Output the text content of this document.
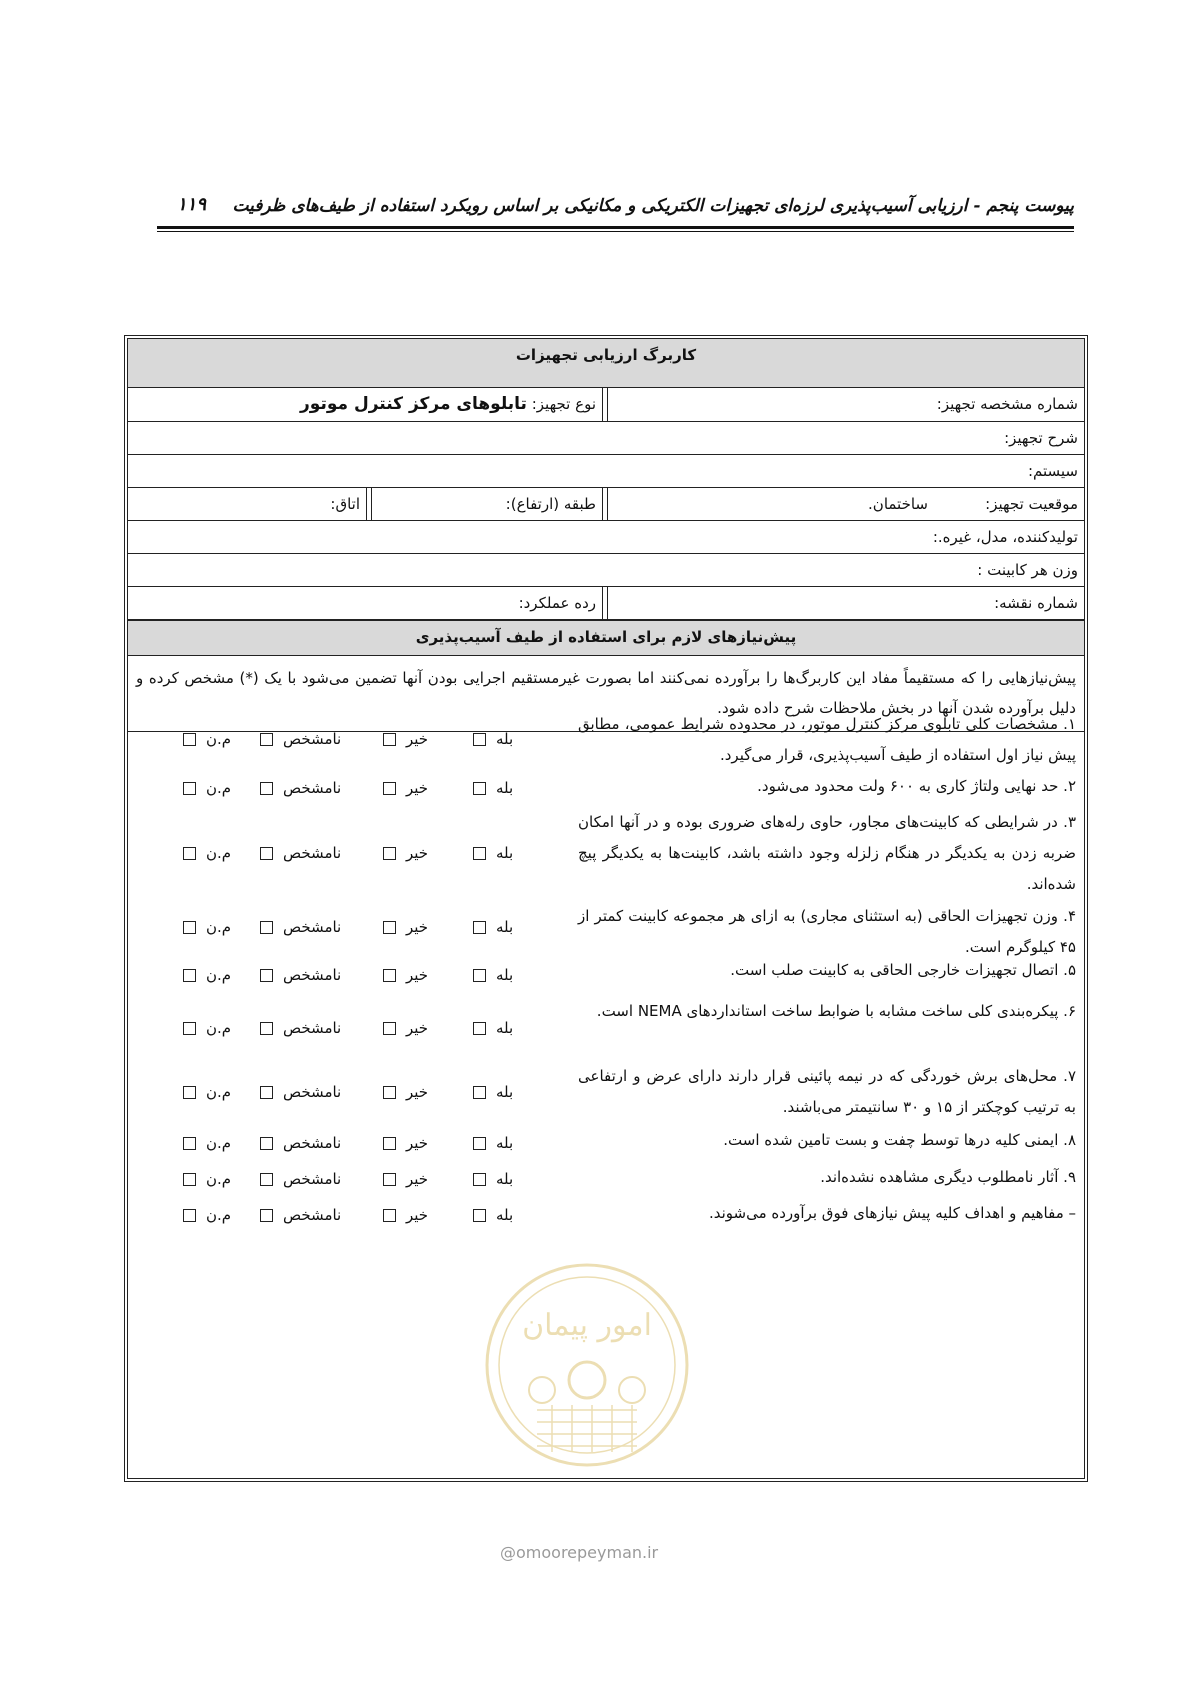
پیوست پنجم - ارزیابی آسیب‌پذیری لرزه‌ای تجهیزات الکتریکی و مکانیکی بر اساس رویکرد استفاده از طیف‌های ظرفیت
۱۱۹
کاربرگ ارزیابی تجهیزات
شماره مشخصه تجهیز:
نوع تجهیز: تابلوهای مرکز کنترل موتور
شرح تجهیز:
سیستم:
موقعیت تجهیز:
ساختمان.
طبقه (ارتفاع):
اتاق:
تولیدکننده، مدل، غیره.:
وزن هر کابینت :
شماره نقشه:
رده عملکرد:
پیش‌نیازهای لازم برای استفاده از طیف آسیب‌پذیری
پیش‌نیازهایی را که مستقیماً مفاد این کاربرگ‌ها را برآورده نمی‌کنند اما بصورت غیرمستقیم اجرایی بودن آنها تضمین می‌شود با یک (*) مشخص کرده و دلیل برآورده شدن آنها در بخش ملاحظات شرح داده شود.
۱. مشخصات کلی تابلوی مرکز کنترل موتور، در محدوده شرایط عمومی، مطابق پیش نیاز اول استفاده از طیف آسیب‌پذیری، قرار می‌گیرد.
بله
خیر
نامشخص
م.ن
۲. حد نهایی ولتاژ کاری به ۶۰۰ ولت محدود می‌شود.
بله
خیر
نامشخص
م.ن
۳. در شرایطی که کابینت‌های مجاور، حاوی رله‌های ضروری بوده و در آنها امکان ضربه زدن به یکدیگر در هنگام زلزله وجود داشته باشد، کابینت‌ها به یکدیگر پیچ شده‌اند.
بله
خیر
نامشخص
م.ن
۴. وزن تجهیزات الحاقی (به استثنای مجاری) به ازای هر مجموعه کابینت کمتر از ۴۵ کیلوگرم است.
بله
خیر
نامشخص
م.ن
۵. اتصال تجهیزات خارجی الحاقی به کابینت صلب است.
بله
خیر
نامشخص
م.ن
۶. پیکره‌بندی کلی ساخت مشابه با ضوابط ساخت استانداردهای NEMA است.
بله
خیر
نامشخص
م.ن
۷. محل‌های برش خوردگی که در نیمه پائینی قرار دارند دارای عرض و ارتفاعی به ترتیب کوچکتر از ۱۵ و ۳۰ سانتیمتر می‌باشند.
بله
خیر
نامشخص
م.ن
۸. ایمنی کلیه درها توسط چفت و بست تامین شده است.
بله
خیر
نامشخص
م.ن
۹. آثار نامطلوب دیگری مشاهده نشده‌اند.
بله
خیر
نامشخص
م.ن
– مفاهیم و اهداف کلیه پیش نیازهای فوق برآورده می‌شوند.
بله
خیر
نامشخص
م.ن
امور پیمان
@omoorepeyman.ir
